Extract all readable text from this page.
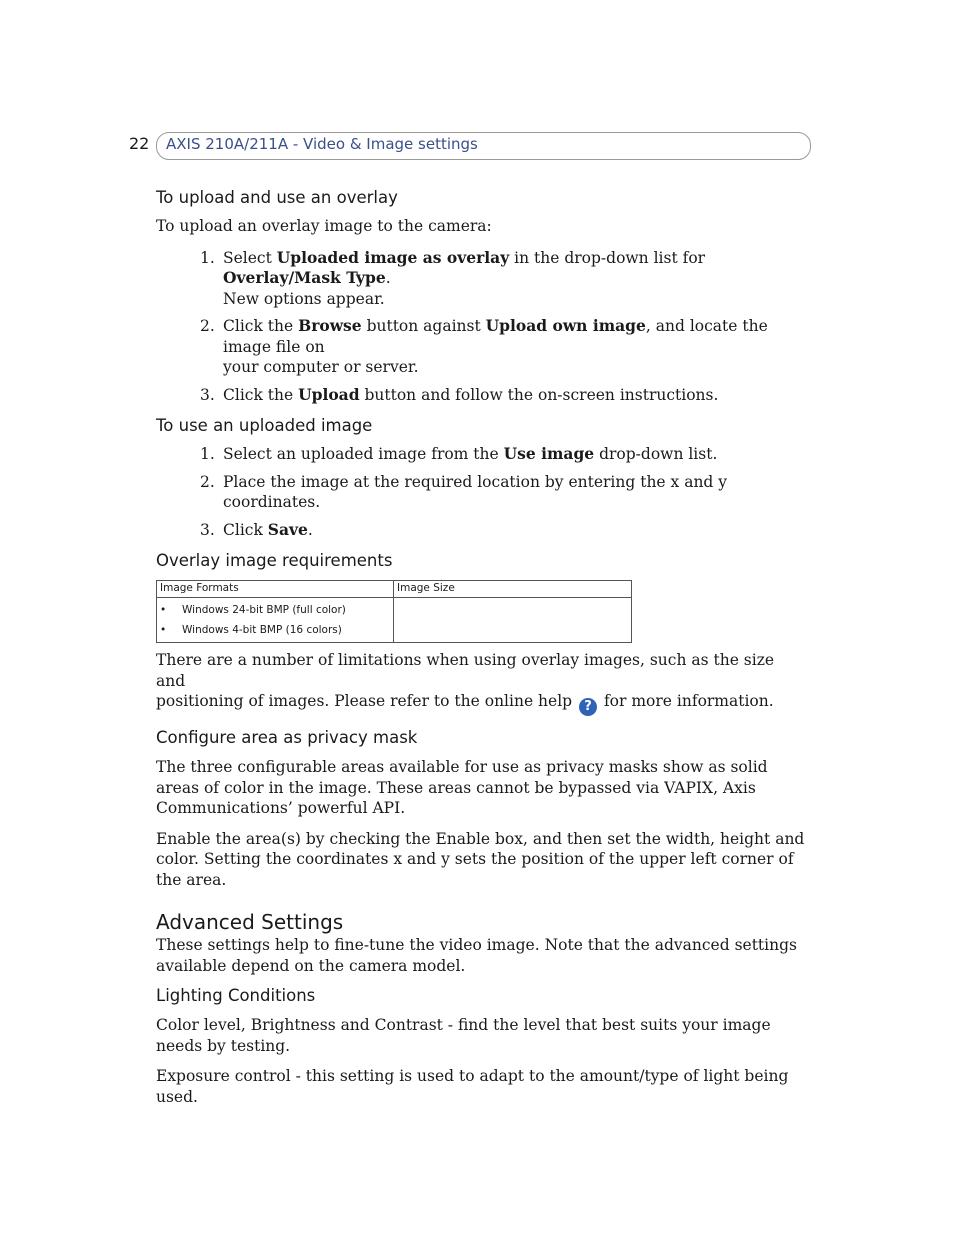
22 AXIS 210A/211A - Video & Image settings
To upload and use an overlay

To upload an overlay image to the camera:

1. Select Uploaded image as overlay in the drop-down list for Overlay/Mask Type.
New options appear.
2. Click the Browse button against Upload own image, and locate the image file on
your computer or server.
3. Click the Upload button and follow the on-screen instructions.
To use an uploaded image
1. Select an uploaded image from the Use image drop-down list.
2. Place the image at the required location by entering the x and y coordinates.
3. Click Save.
Overlay image requirements
Image Formats	Image Size

• Windows 24-bit BMP (full color)
• Windows 4-bit BMP (16 colors)	

There are a number of limitations when using overlay images, such as the size and
positioning of images. Please refer to the online help ? for more information.

Configure area as privacy mask

The three configurable areas available for use as privacy masks show as solid areas of color in the image. These areas cannot be bypassed via VAPIX, Axis Communications’ powerful API.

Enable the area(s) by checking the Enable box, and then set the width, height and color. Setting the coordinates x and y sets the position of the upper left corner of the area.

Advanced Settings

These settings help to fine-tune the video image. Note that the advanced settings available depend on the camera model.

Lighting Conditions

Color level, Brightness and Contrast - find the level that best suits your image needs by testing.

Exposure control - this setting is used to adapt to the amount/type of light being used.
